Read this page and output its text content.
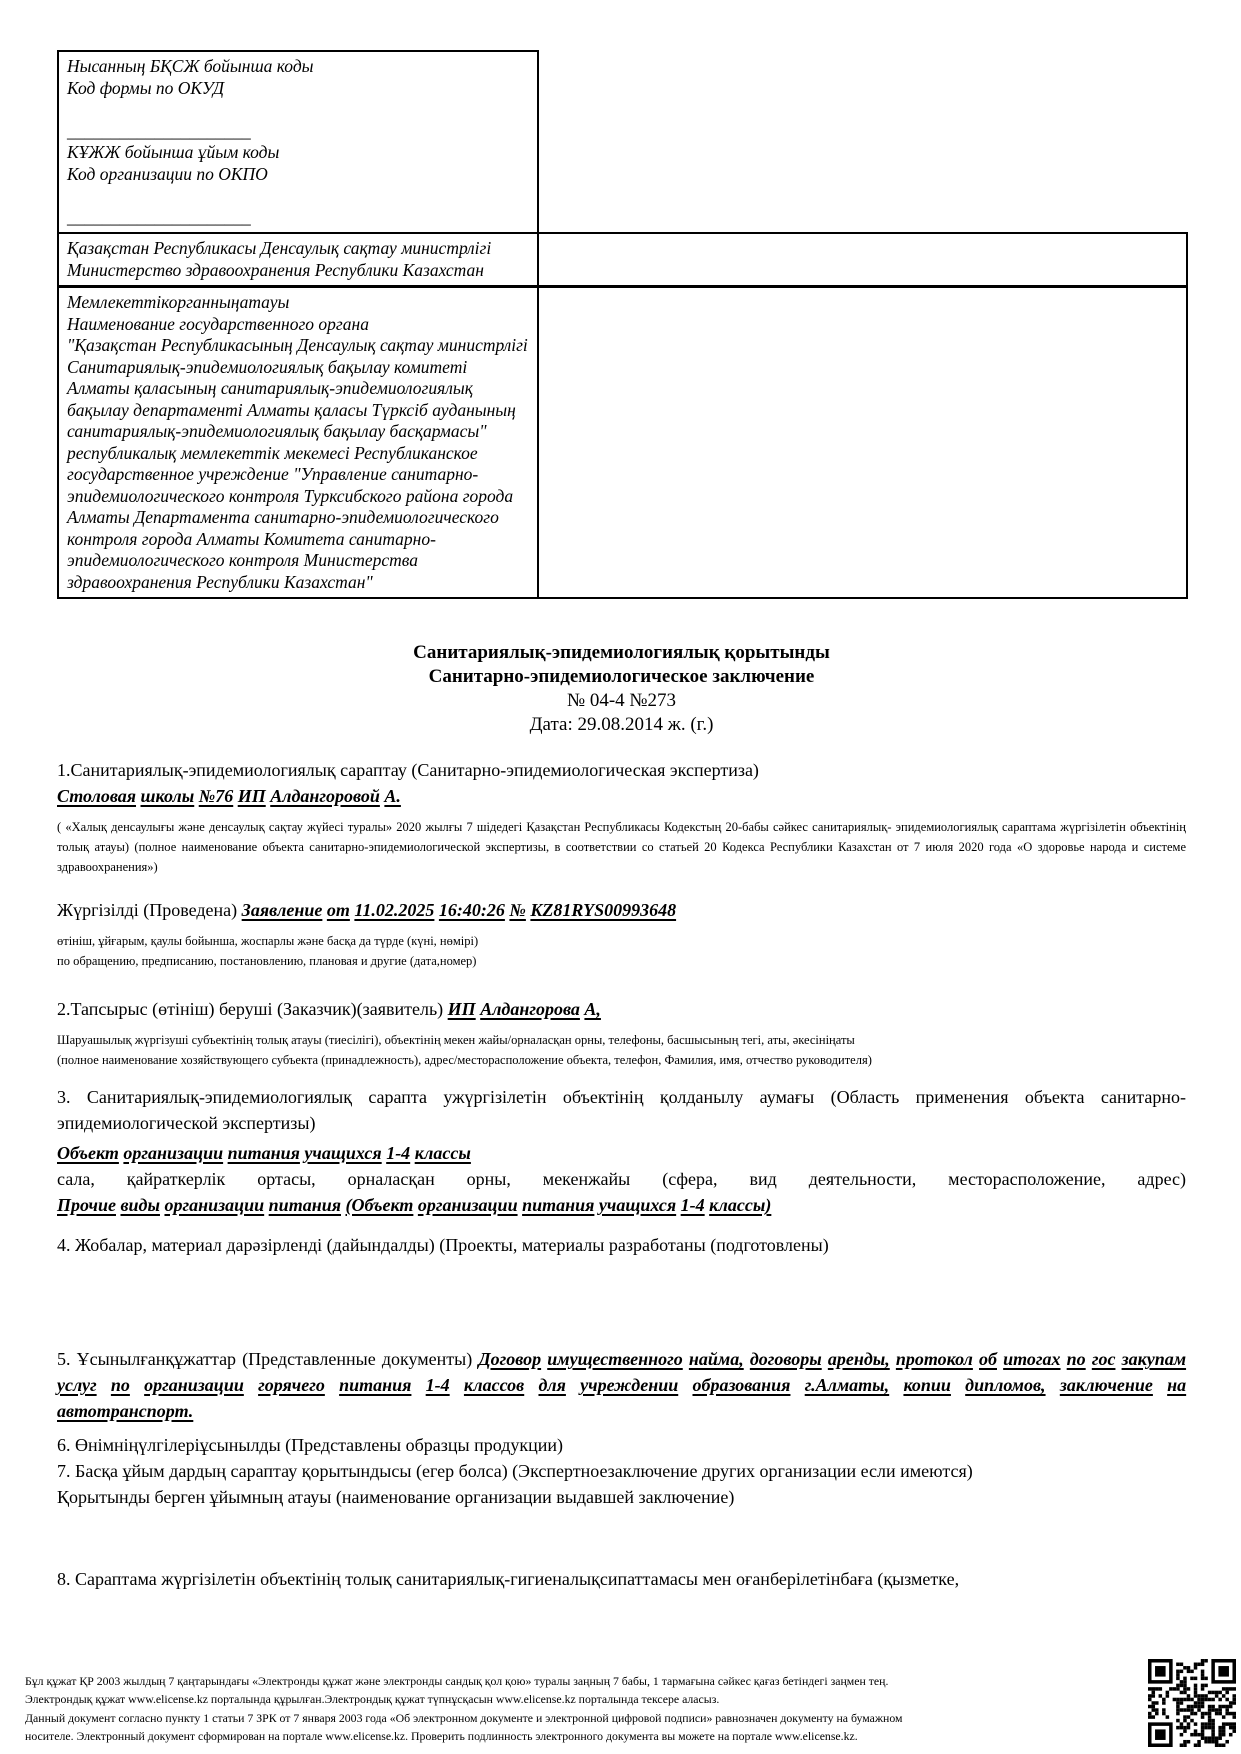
Нысанның БҚСЖ бойынша коды
Код формы по ОКУД
_____________________
КҰЖЖ бойынша ұйым коды
Код организации по ОКПО
_____________________

Қазақстан Республикасы Денсаулық сақтау министрлігі
Министерство здравоохранения Республики Казахстан	

Мемлекеттікорганныңатауы
Наименование государственного органа
"Қазақстан Республикасының Денсаулық сақтау министрлігі Санитариялық-эпидемиологиялық бақылау комитеті Алматы қаласының санитариялық-эпидемиологиялық бақылау департаменті Алматы қаласы Түрксіб ауданының санитариялық-эпидемиологиялық бақылау басқармасы" республикалық мемлекеттік мекемесі Республиканское государственное учреждение "Управление санитарно-эпидемиологического контроля Турксибского района города Алматы Департамента санитарно-эпидемиологического контроля города Алматы Комитета санитарно-эпидемиологического контроля Министерства здравоохранения Республики Казахстан"	

Санитариялық-эпидемиологиялық қорытынды
Санитарно-эпидемиологическое заключение
№ 04-4 №273
Дата: 29.08.2014 ж. (г.)

1.Санитариялық-эпидемиологиялық сараптау (Санитарно-эпидемиологическая экспертиза)

Столовая школы №76 ИП Алдангоровой А.

( «Халық денсаулығы және денсаулық сақтау жүйесі туралы» 2020 жылғы 7 шідедегі Қазақстан Республикасы Кодекстың 20-бабы сәйкес санитариялық- эпидемиологиялық сараптама жүргізілетін объектінің толық атауы) (полное наименование объекта санитарно-эпидемиологической экспертизы, в соответствии со статьей 20 Кодекса Республики Казахстан от 7 июля 2020 года «О здоровье народа и системе здравоохранения»)

Жүргізілді (Проведена) Заявление от 11.02.2025 16:40:26 № KZ81RYS00993648

өтініш, ұйғарым, қаулы бойынша, жоспарлы және басқа да түрде (күні, нөмірі)

по обращению, предписанию, постановлению, плановая и другие (дата,номер)

2.Тапсырыс (өтініш) беруші (Заказчик)(заявитель) ИП Алдангорова А,

Шаруашылық жүргізуші субъектінің толық атауы (тиесілігі), объектінің мекен жайы/орналасқан орны, телефоны, басшысының тегі, аты, әкесініңаты

(полное наименование хозяйствующего субъекта (принадлежность), адрес/месторасположение объекта, телефон, Фамилия, имя, отчество руководителя)

3. Санитариялық-эпидемиологиялық сарапта ужүргізілетін объектінің қолданылу аумағы (Область применения объекта санитарно-эпидемиологической экспертизы)

Объект организации питания учащихся 1-4 классы

сала, қайраткерлік ортасы, орналасқан орны, мекенжайы (сфера, вид деятельности, месторасположение, адрес)

Прочие виды организации питания (Объект организации питания учащихся 1-4 классы)

4. Жобалар, материал дарәзірленді (дайындалды) (Проекты, материалы разработаны (подготовлены)

5. Ұсынылғанқұжаттар (Представленные документы) Договор имущественного найма, договоры аренды, протокол об итогах по гос закупам услуг по организации горячего питания 1-4 классов для учреждении образования г.Алматы, копии дипломов, заключение на автотранспорт.

6. Өнімніңүлгілеріұсынылды (Представлены образцы продукции)

7. Басқа ұйым дардың сараптау қорытындысы (егер болса) (Экспертноезаключение других организации если имеются)

Қорытынды берген ұйымның атауы (наименование организации выдавшей заключение)

8. Сараптама жүргізілетін объектінің толық санитариялық-гигиеналықсипаттамасы мен оғанберілетінбаға (қызметке,

Бұл құжат ҚР 2003 жылдың 7 қаңтарындағы «Электронды құжат және электронды сандық қол қою» туралы заңның 7 бабы, 1 тармағына сәйкес қағаз бетіндегі заңмен тең.
Электрондық құжат www.elicense.kz порталында құрылған.Электрондық құжат түпнұсқасын www.elicense.kz порталында тексере аласыз.
Данный документ согласно пункту 1 статьи 7 ЗРК от 7 января 2003 года «Об электронном документе и электронной цифровой подписи» равнозначен документу на бумажном
носителе. Электронный документ сформирован на портале www.elicense.kz. Проверить подлинность электронного документа вы можете на портале www.elicense.kz.
